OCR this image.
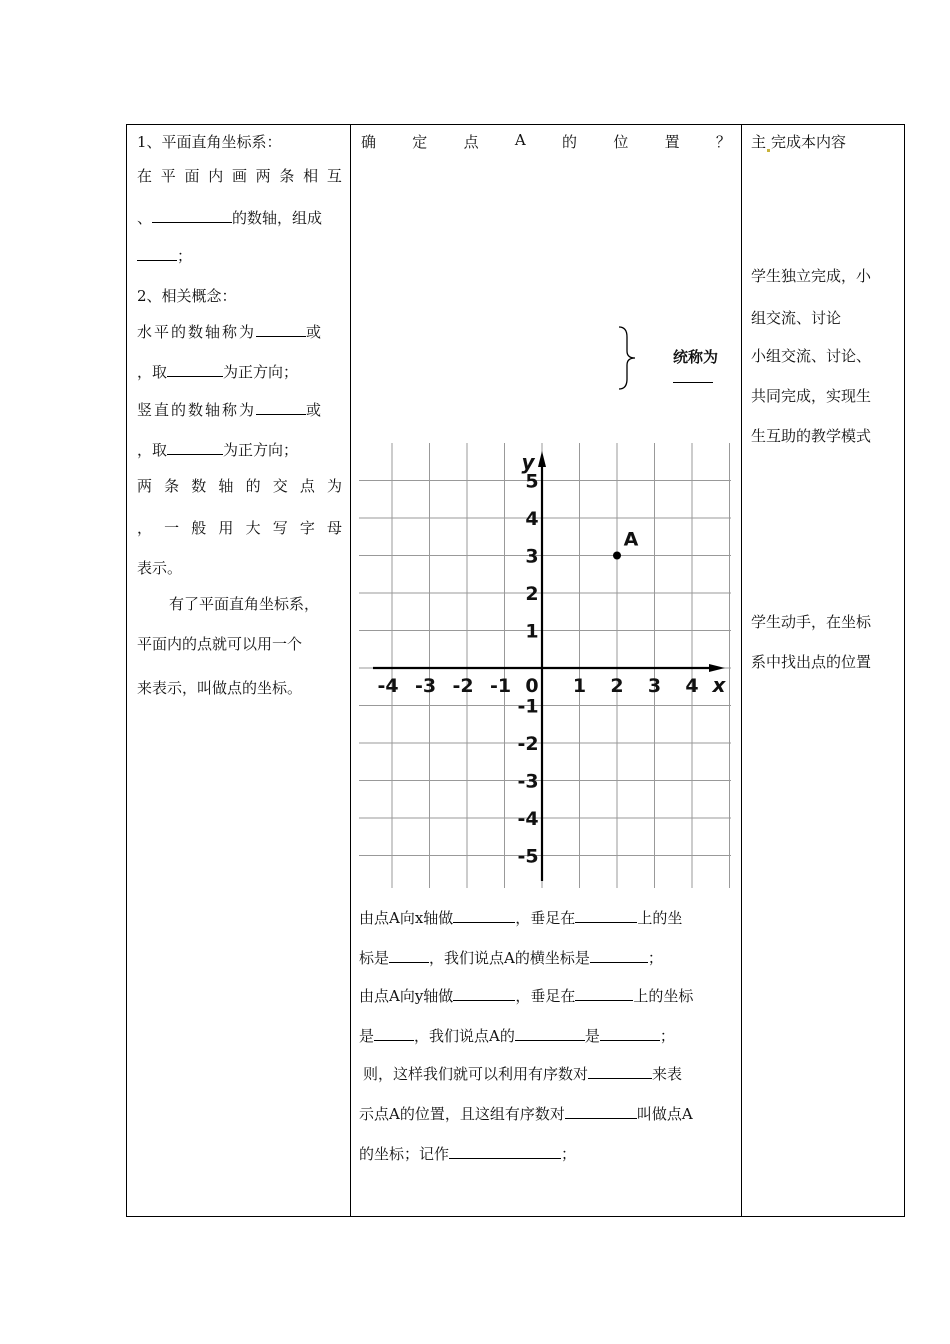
1、平面直角坐标系：
在 平 面 内 画 两 条 相 互
、	的数轴，组成
；
2、相关概念：
水平的数轴称为	或
，取	为正方向；
竖直的数轴称为	或
，取	为正方向；
两 条 数 轴 的 交 点 为
， 一 般 用 大 写 字 母
表示。
有了平面直角坐标系，
平面内的点就可以用一个
来表示，叫做点的坐标。
确 定 点 A 的 位 置 ？
统称为
y
x
-4 -3 -2 -1 0 1 2 3 4
5
4
3
2
1
-1
-2
-3
-4
-5
A
由点A向x轴做	，垂足在	上的坐
标是	，我们说点A的横坐标是	；
由点A向y轴做	，垂足在	上的坐标
是	，我们说点A的	是	；
则，这样我们就可以利用有序数对	来表
示点A的位置，且这组有序数对	叫做点A
的坐标；记作	；
主 完成本内容
学生独立完成，小
组交流、讨论
小组交流、讨论、
共同完成，实现生
生互助的教学模式
学生动手，在坐标
系中找出点的位置
